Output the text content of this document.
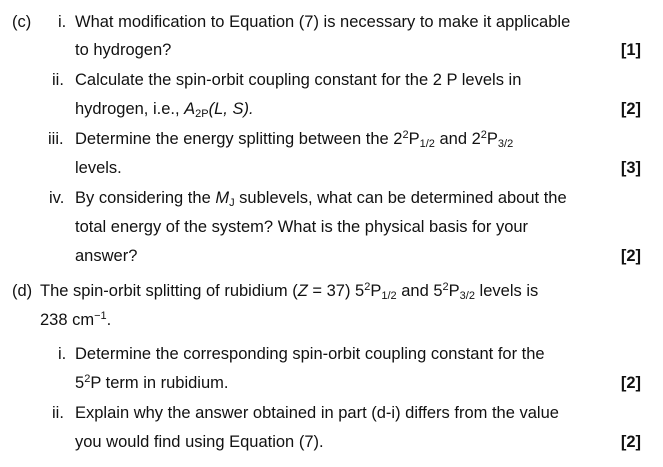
(c) i. What modification to Equation (7) is necessary to make it applicable
to hydrogen?	[1]
ii. Calculate the spin-orbit coupling constant for the 2 P levels in
hydrogen, i.e., $A_{2P}(L$, S).	[2]
iii. Determine the energy splitting between the $2^2P_{1/2}$ and $2^2P_{3/2}$
levels.	[3]
iv. By considering the $M_J$ sublevels, what can be determined about the
total energy of the system? What is the physical basis for your
answer?	[2]
(d) The spin-orbit splitting of rubidium (Z = 37) $5^2P_{1/2}$ and $5^2P_{3/2}$ levels is
238 $cm^{-1}$.
i. Determine the corresponding spin-orbit coupling constant for the
$5^2P$ term in rubidium.	[2]
ii. Explain why the answer obtained in part (d-i) differs from the value
you would find using Equation (7).	[2]
